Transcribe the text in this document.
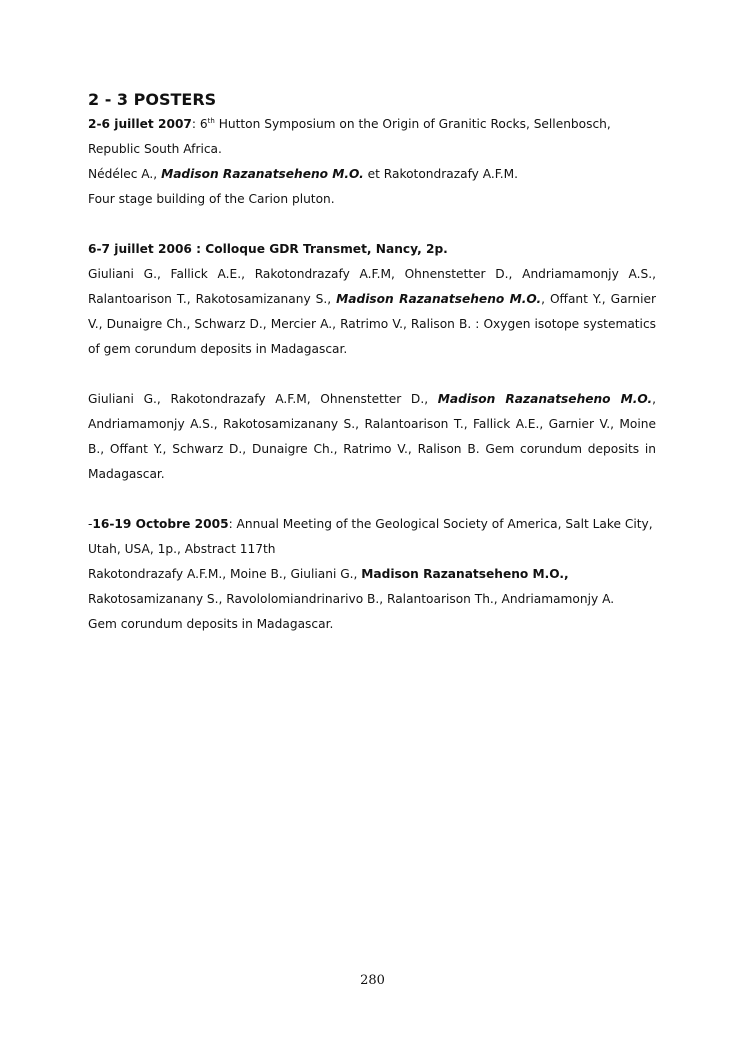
2 - 3 POSTERS

2-6 juillet 2007: 6th Hutton Symposium on the Origin of Granitic Rocks, Sellenbosch,

Republic South Africa.

Nédélec A., Madison Razanatseheno M.O. et Rakotondrazafy A.F.M.

Four stage building of the Carion pluton.

6-7 juillet 2006 : Colloque GDR Transmet, Nancy, 2p.

Giuliani G., Fallick A.E., Rakotondrazafy A.F.M, Ohnenstetter D., Andriamamonjy A.S., Ralantoarison T., Rakotosamizanany S., Madison Razanatseheno M.O., Offant Y., Garnier V., Dunaigre Ch., Schwarz D., Mercier A., Ratrimo V., Ralison B. : Oxygen isotope systematics of gem corundum deposits in Madagascar.

Giuliani G., Rakotondrazafy A.F.M, Ohnenstetter D., Madison Razanatseheno M.O., Andriamamonjy A.S., Rakotosamizanany S., Ralantoarison T., Fallick A.E., Garnier V., Moine B., Offant Y., Schwarz D., Dunaigre Ch., Ratrimo V., Ralison B. Gem corundum deposits in Madagascar.

-16-19 Octobre 2005: Annual Meeting of the Geological Society of America, Salt Lake City,

Utah, USA, 1p., Abstract 117th

Rakotondrazafy A.F.M., Moine B., Giuliani G., Madison Razanatseheno M.O.,

Rakotosamizanany S., Ravololomiandrinarivo B., Ralantoarison Th., Andriamamonjy A.

Gem corundum deposits in Madagascar.

280
